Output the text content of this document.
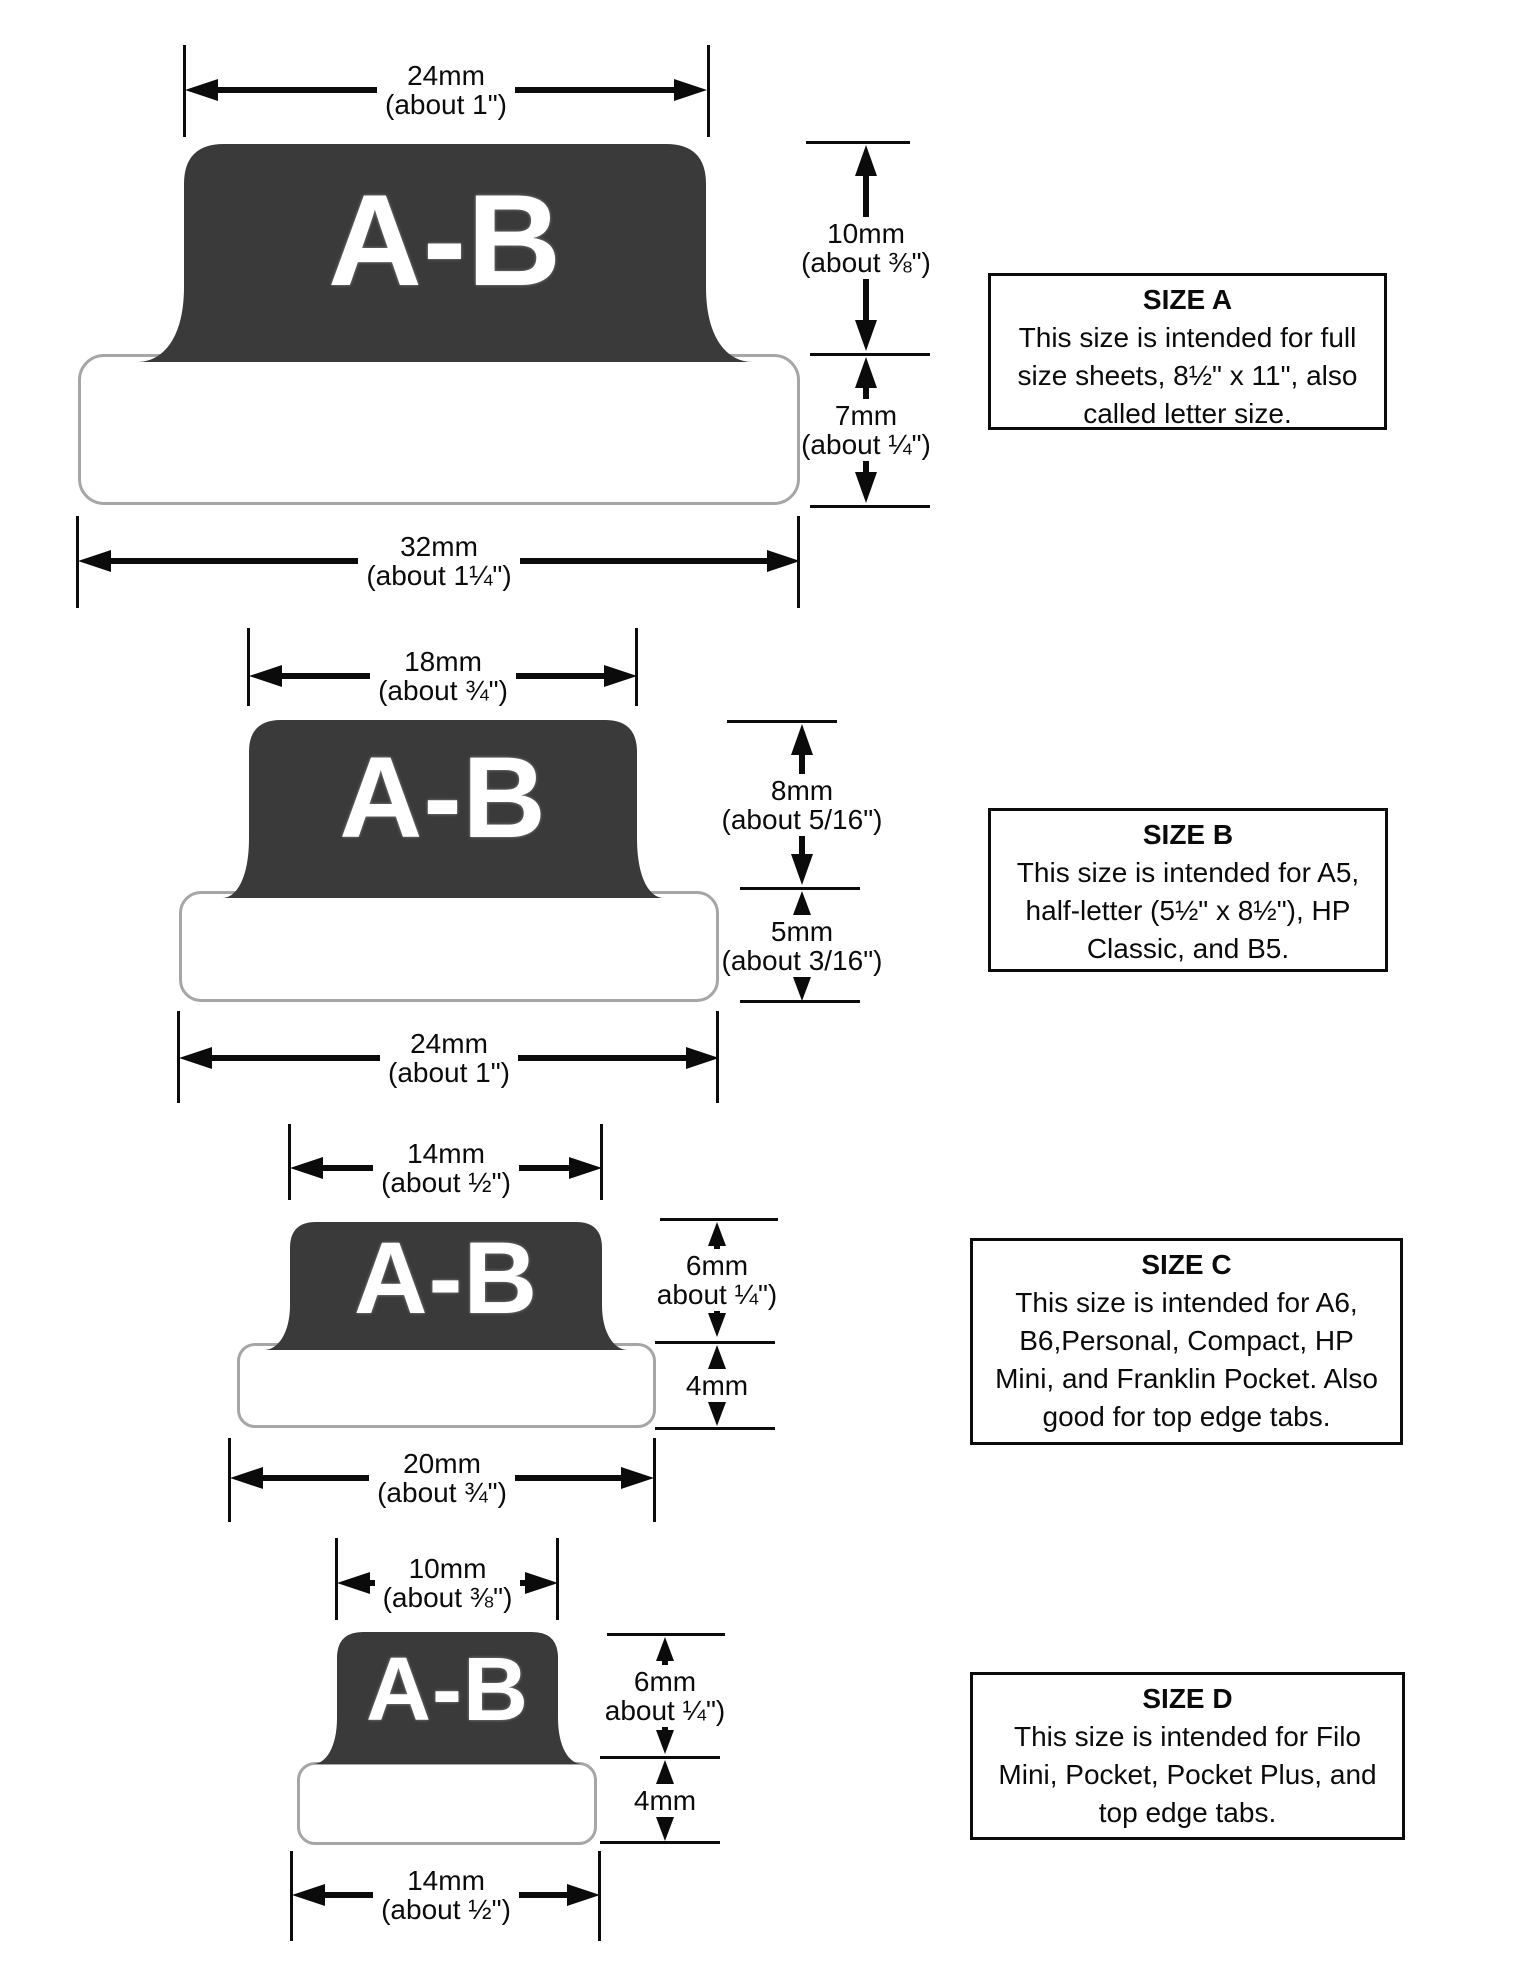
24mm
(about 1")
A-B	10mm
(about ⅜")
7mm
(about ¼")
SIZE A
This size is intended for full
size sheets, 8½" x 11", also
called letter size.
32mm
(about 1¼")
18mm
(about ¾")
A-B	8mm
(about 5/16")
5mm
(about 3/16")
SIZE B
This size is intended for A5,
half-letter (5½" x 8½"), HP
Classic, and B5.
24mm
(about 1")
14mm
(about ½")
A-B	6mm
about ¼")
4mm
SIZE C
This size is intended for A6,
B6,Personal, Compact, HP
Mini, and Franklin Pocket. Also
good for top edge tabs.
20mm
(about ¾")
10mm
(about ⅜")
A-B	6mm
about ¼")
4mm
SIZE D
This size is intended for Filo
Mini, Pocket, Pocket Plus, and
top edge tabs.
14mm
(about ½")
